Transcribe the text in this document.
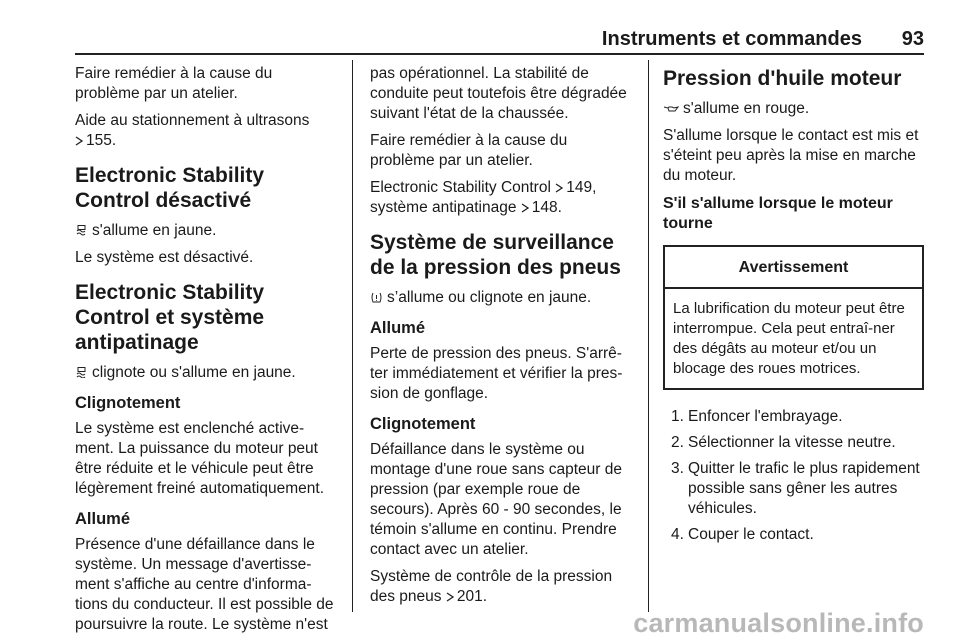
Instruments et commandes 93

Faire remédier à la cause du problème par un atelier.

Aide au stationnement à ultrasons

155.

Electronic Stability Control désactivé

s'allume en jaune.

Le système est désactivé.

Electronic Stability Control et système antipatinage

clignote ou s'allume en jaune.

Clignotement

Le système est enclenché active-ment. La puissance du moteur peut être réduite et le véhicule peut être légèrement freiné automatiquement.

Allumé

Présence d'une défaillance dans le système. Un message d'avertisse-ment s'affiche au centre d'informa-tions du conducteur. Il est possible de poursuivre la route. Le système n'est

pas opérationnel. La stabilité de conduite peut toutefois être dégradée suivant l'état de la chaussée.

Faire remédier à la cause du problème par un atelier.

Electronic Stability Control 149,
système antipatinage 148.

Système de surveillance de la pression des pneus

s’allume ou clignote en jaune.

Allumé

Perte de pression des pneus. S'arrê-ter immédiatement et vérifier la pres-sion de gonflage.

Clignotement

Défaillance dans le système ou montage d'une roue sans capteur de pression (par exemple roue de secours). Après 60 - 90 secondes, le témoin s'allume en continu. Prendre contact avec un atelier.

Système de contrôle de la pression des pneus 201.

Pression d'huile moteur

s'allume en rouge.

S'allume lorsque le contact est mis et s'éteint peu après la mise en marche du moteur.

S'il s'allume lorsque le moteur tourne
Avertissement
La lubrification du moteur peut être interrompue. Cela peut entraî-ner des dégâts au moteur et/ou un blocage des roues motrices.
1. Enfoncer l'embrayage.
2. Sélectionner la vitesse neutre.
3. Quitter le trafic le plus rapidement possible sans gêner les autres véhicules.
4. Couper le contact.
carmanualsonline.info
